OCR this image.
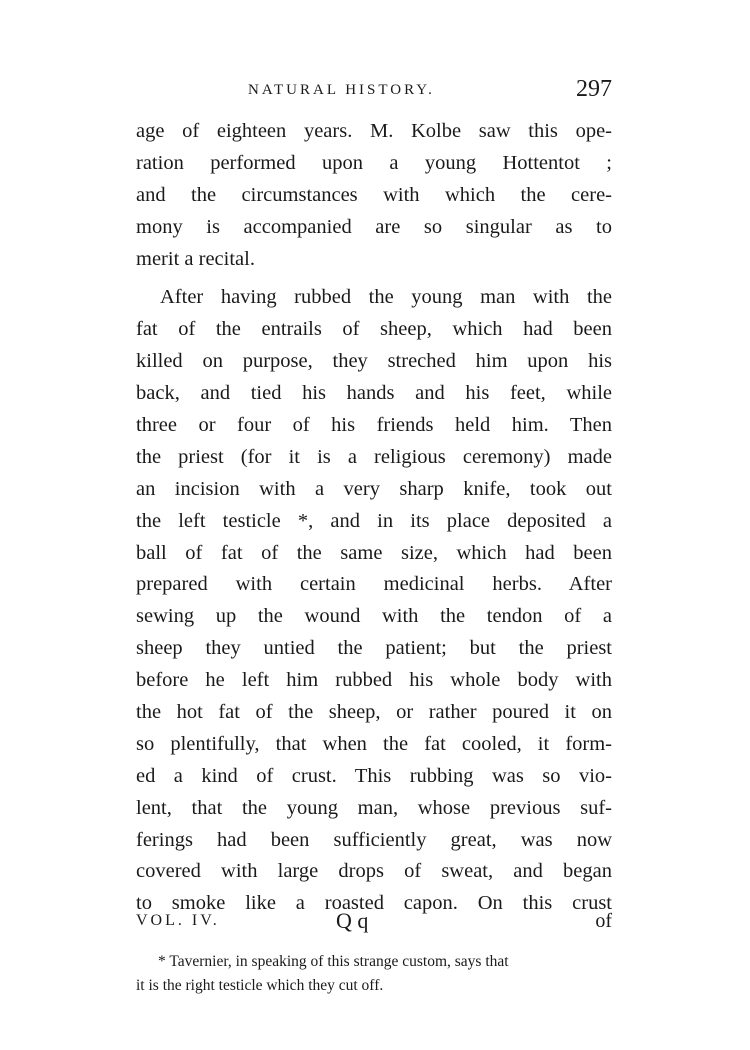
NATURAL HISTORY.	297
age of eighteen years. M. Kolbe saw this ope-
ration performed upon a young Hottentot ;
and the circumstances with which the cere-
mony is accompanied are so singular as to
merit a recital.
After having rubbed the young man with the
fat of the entrails of sheep, which had been
killed on purpose, they streched him upon his
back, and tied his hands and his feet, while
three or four of his friends held him. Then
the priest (for it is a religious ceremony) made
an incision with a very sharp knife, took out
the left testicle *, and in its place deposited a
ball of fat of the same size, which had been
prepared with certain medicinal herbs. After
sewing up the wound with the tendon of a
sheep they untied the patient; but the priest
before he left him rubbed his whole body with
the hot fat of the sheep, or rather poured it on
so plentifully, that when the fat cooled, it form-
ed a kind of crust. This rubbing was so vio-
lent, that the young man, whose previous suf-
ferings had been sufficiently great, was now
covered with large drops of sweat, and began
to smoke like a roasted capon. On this crust
VOL. IV.	Q q	of
* Tavernier, in speaking of this strange custom, says that
it is the right testicle which they cut off.
